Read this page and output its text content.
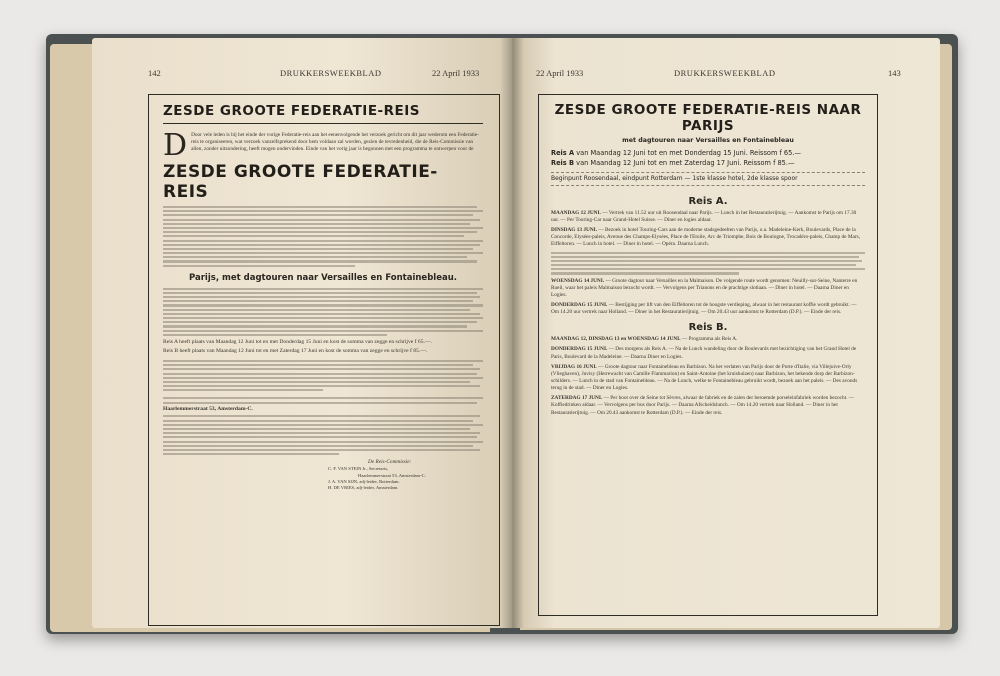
142	DRUKKERSWEEKBLAD	22 April 1933
ZESDE GROOTE FEDERATIE-REIS
D Door vele leden is bij het einde der vorige Federatie-reis aan het eenenvolgende het verzoek gericht om dit jaar wederom een Federatie-reis te organiseeren, wat verzoek vanzelfsprekend door hem voldaan zal worden, gezien de tevredenheid, die de Reis-Commissie van allen, zonder uitzondering, heeft mogen ondervinden. Einde van het vorig jaar is begonnen met een programma te ontwerpen voor de
ZESDE GROOTE FEDERATIE-REIS
Parijs, met dagtouren naar Versailles en Fontainebleau.
Reis A heeft plaats van Maandag 12 Juni tot en met Donderdag 15 Juni en kost de somma van zegge en schrijve f 65.—.
Reis B heeft plaats van Maandag 12 Juni tot en met Zaterdag 17 Juni en kost de somma van zegge en schrijve f 85.—.
Haarlemmerstraat 53, Amsterdam-C.
De Reis-Commissie:
C. F. VAN STEIN Jr., Secretaris,
Haarlemmerstraat 53, Amsterdam-C.
J. A. VAN SIJN, adj-leider, Rotterdam.
H. DE VRIES, adj-leider, Amsterdam.
22 April 1933	DRUKKERSWEEKBLAD	143
ZESDE GROOTE FEDERATIE-REIS NAAR PARIJS
met dagtouren naar Versailles en Fontainebleau
Reis A van Maandag 12 Juni tot en met Donderdag 15 Juni. Reissom f 65.—
Reis B van Maandag 12 Juni tot en met Zaterdag 17 Juni. Reissom f 85.—
Beginpunt Roosendaal, eindpunt Rotterdam — 1ste klasse hotel, 2de klasse spoor
Reis A.
MAANDAG 12 JUNI. — Vertrek van 11.52 uur uit Roosendaal naar Parijs. — Lunch in het Restauratierijtuig. — Aankomst te Parijs om 17.30 uur. — Per Touring-Car naar Grand-Hotel Suisse. — Diner en logies aldaar.
DINSDAG 13 JUNI. — Bezoek in hotel Touring-Cars aan de moderne stadsgedeelten van Parijs, o.a. Madeleine-Kerk, Boulevards, Place de la Concorde, Elysées-paleis, Avenue des Champs-Elysées, Place de l'Etoile, Arc de Triomphe, Bois de Boulogne, Trocadéro-paleis, Champ de Mars, Eiffeltoren. — Lunch in hotel. — Diner in hotel. — Opéra. Daarna Lunch.
WOENSDAG 14 JUNI. — Groote dagtour naar Versailles en la Malmaison. De volgende route wordt genomen: Neuilly-sur-Seine, Nanterre en Rueil, waar het paleis Malmaison bezocht wordt. — Vervolgens per Trianons en de prachtige slotlaan. — Diner in hotel. — Daarna Diner en Logies.
DONDERDAG 15 JUNI. — Bestijging per lift van den Eiffeltoren tot de hoogste verdieping, alwaar in het restaurant koffie wordt gebruikt. — Om 14.20 uur vertrek naar Holland. — Diner in het Restauratierijtuig. — Om 20.43 uur aankomst te Rotterdam (D.P.). — Einde der reis.
Reis B.
MAANDAG 12, DINSDAG 13 en WOENSDAG 14 JUNI. — Programma als Reis A.
DONDERDAG 15 JUNI. — Des morgens als Reis A. — Na de Lunch wandeling door de Boulevards met bezichtiging van het Grand Hotel de Paris, Boulevard de la Madeleine. — Daarna Diner en Logies.
VRIJDAG 16 JUNI. — Groote dagtour naar Fontainebleau en Barbizon. Na het verlaten van Parijs door de Porte d'Italie, via Villejuive-Orly (Vlieghaven), Juvisy (Herrewacht van Camille Flammarion) en Saint-Antoine (het kruishuizen) naar Barbizon, het bekende dorp der Barbizon-schilders. — Lunch in de stad van Fontainebleau. — Na de Lunch, welke te Fontainebleau gebruikt wordt, bezoek aan het paleis. — Des avonds terug in de stad. — Diner en Logies.
ZATERDAG 17 JUNI. — Per boot over de Seine tot Sèvres, alwaar de fabriek en de zalen der beroemde porseleinfabriek worden bezocht. — Koffiedrinken aldaar. — Vervolgens per bus door Parijs. — Daarna Afscheidslunch. — Om 14.20 vertrek naar Holland. — Diner in het Restauratierijtuig. — Om 20.43 aankomst te Rotterdam (D.P.). — Einde der reis.
